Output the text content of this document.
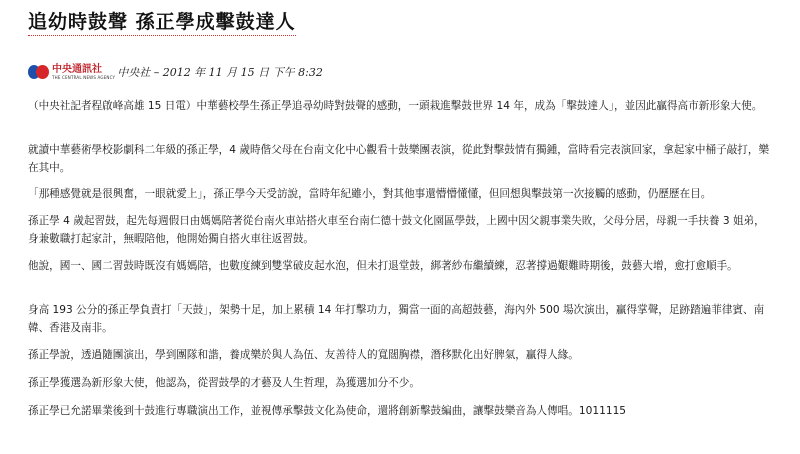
追幼時鼓聲 孫正學成擊鼓達人
中央通訊社
THE CENTRAL NEWS AGENCY 中央社 – 2012 年 11 月 15 日 下午 8:32

（中央社記者程啟峰高雄 15 日電）中華藝校學生孫正學追尋幼時對鼓聲的感動，一頭栽進擊鼓世界 14 年，成為「擊鼓達人」，並因此贏得高市新形象大使。

就讀中華藝術學校影劇科二年級的孫正學，4 歲時偕父母在台南文化中心觀看十鼓樂團表演，從此對擊鼓情有獨鍾，當時看完表演回家，拿起家中桶子敲打，樂在其中。

「那種感覺就是很興奮，一眼就愛上」，孫正學今天受訪說，當時年紀雖小，對其他事還懵懵懂懂，但回想與擊鼓第一次接觸的感動，仍歷歷在目。

孫正學 4 歲起習鼓，起先每週假日由媽媽陪著從台南火車站搭火車至台南仁德十鼓文化園區學鼓，上國中因父親事業失敗，父母分居，母親一手扶養 3 姐弟，身兼數職打起家計，無暇陪他，他開始獨自搭火車往返習鼓。

他說，國一、國二習鼓時既沒有媽媽陪，也數度練到雙掌破皮起水泡，但未打退堂鼓，綁著紗布繼續練，忍著撐過艱難時期後，鼓藝大增，愈打愈順手。

身高 193 公分的孫正學負責打「天鼓」，架勢十足，加上累積 14 年打擊功力，獨當一面的高超鼓藝，海內外 500 場次演出，贏得掌聲，足跡踏遍菲律賓、南韓、香港及南非。

孫正學說，透過隨團演出，學到團隊和諧，養成樂於與人為伍、友善待人的寬闊胸襟，潛移默化出好脾氣，贏得人緣。

孫正學獲選為新形象大使，他認為，從習鼓學的才藝及人生哲理，為獲選加分不少。

孫正學已允諾畢業後到十鼓進行專職演出工作，並視傳承擊鼓文化為使命，還將創新擊鼓編曲，讓擊鼓樂音為人傳唱。1011115
